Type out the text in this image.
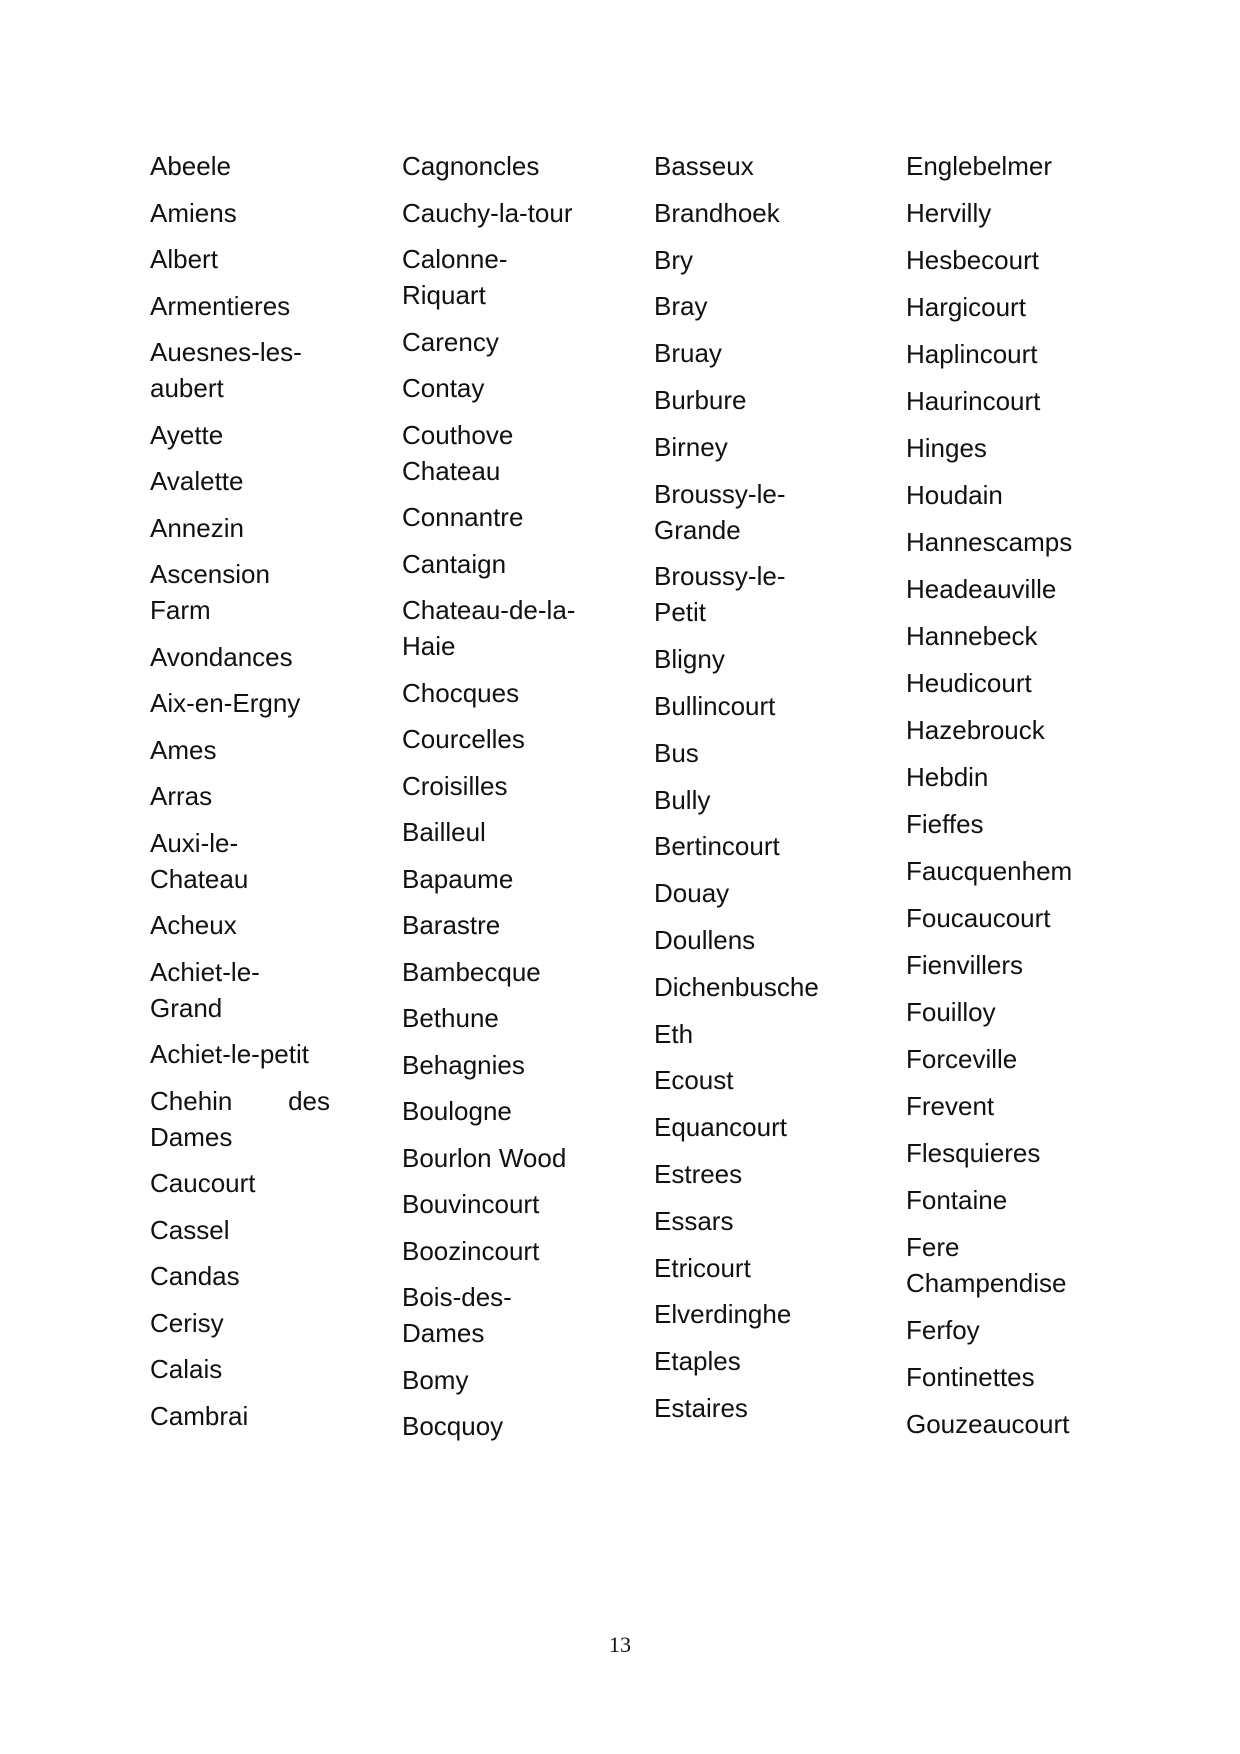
Abeele
Amiens
Albert
Armentieres
Auesnes-les-aubert
Ayette
Avalette
Annezin
Ascension Farm
Avondances
Aix-en-Ergny
Ames
Arras
Auxi-le-Chateau
Acheux
Achiet-le-Grand
Achiet-le-petit
Chehin des Dames
Caucourt
Cassel
Candas
Cerisy
Calais
Cambrai
Cagnoncles
Cauchy-la-tour
Calonne-Riquart
Carency
Contay
Couthove Chateau
Connantre
Cantaign
Chateau-de-la-Haie
Chocques
Courcelles
Croisilles
Bailleul
Bapaume
Barastre
Bambecque
Bethune
Behagnies
Boulogne
Bourlon Wood
Bouvincourt
Boozincourt
Bois-des-Dames
Bomy
Bocquoy
Basseux
Brandhoek
Bry
Bray
Bruay
Burbure
Birney
Broussy-le-Grande
Broussy-le-Petit
Bligny
Bullincourt
Bus
Bully
Bertincourt
Douay
Doullens
Dichenbusche
Eth
Ecoust
Equancourt
Estrees
Essars
Etricourt
Elverdinghe
Etaples
Estaires
Englebelmer
Hervilly
Hesbecourt
Hargicourt
Haplincourt
Haurincourt
Hinges
Houdain
Hannescamps
Headeauville
Hannebeck
Heudicourt
Hazebrouck
Hebdin
Fieffes
Faucquenhem
Foucaucourt
Fienvillers
Fouilloy
Forceville
Frevent
Flesquieres
Fontaine
Fere Champendise
Ferfoy
Fontinettes
Gouzeaucourt
13
